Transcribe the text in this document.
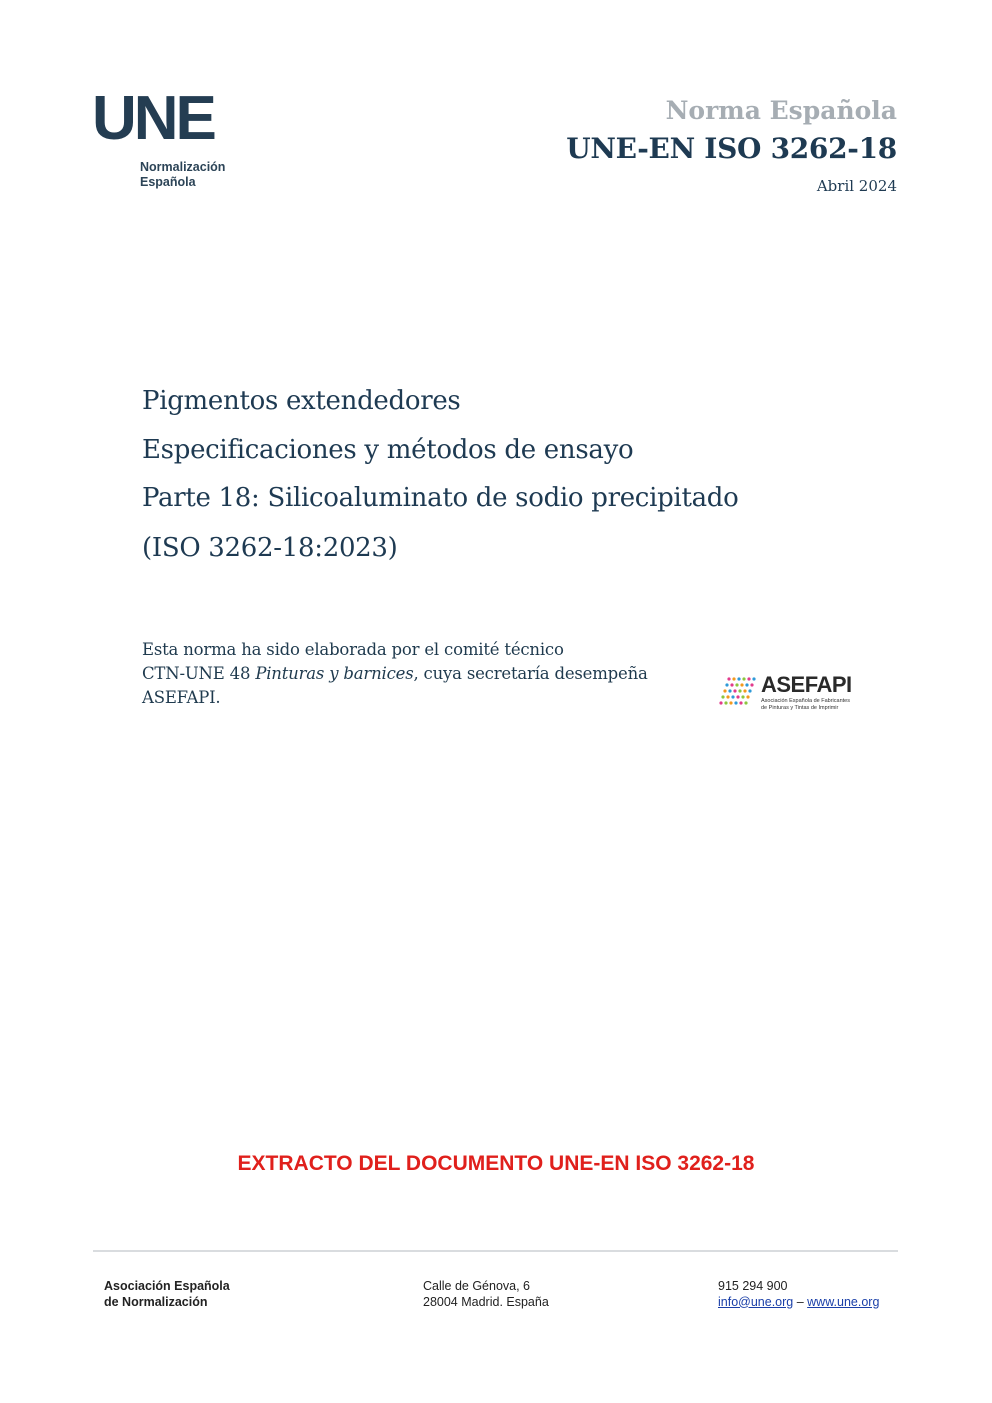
UNE
Normalización
Española
Norma Española
UNE-EN ISO 3262-18
Abril 2024
Pigmentos extendedores
Especificaciones y métodos de ensayo
Parte 18: Silicoaluminato de sodio precipitado
(ISO 3262-18:2023)
Esta norma ha sido elaborada por el comité técnico
CTN-UNE 48 Pinturas y barnices, cuya secretaría desempeña
ASEFAPI.
ASEFAPI
Asociación Española de Fabricantes
de Pinturas y Tintas de Imprimir
EXTRACTO DEL DOCUMENTO UNE-EN ISO 3262-18
Asociación Española
de Normalización
Calle de Génova, 6
28004 Madrid. España
915 294 900
info@une.org – www.une.org
